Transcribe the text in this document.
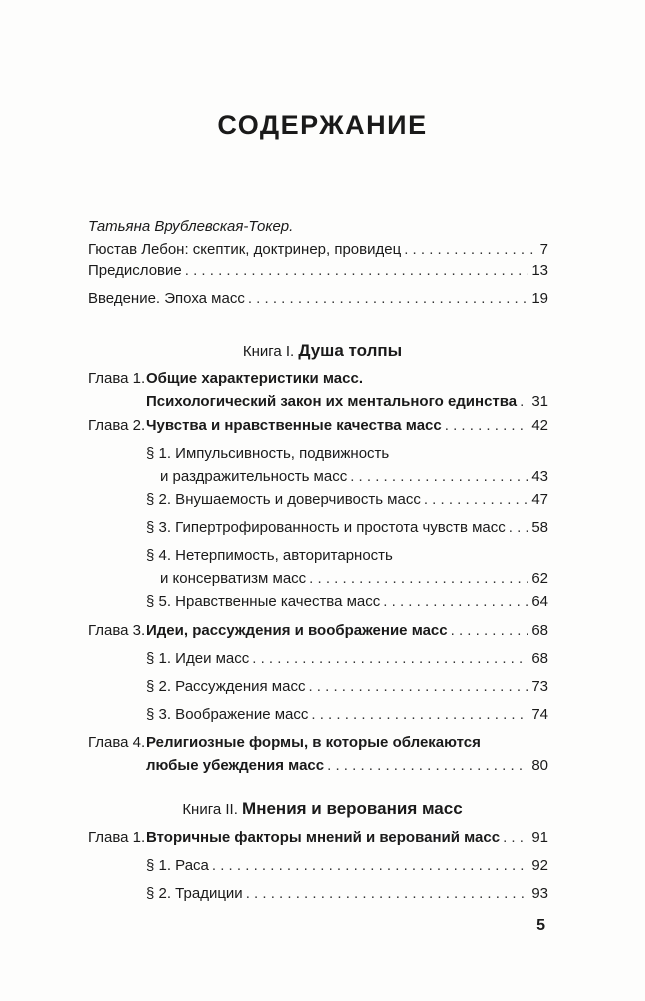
СОДЕРЖАНИЕ
Татьяна Врублевская-Токер.
Гюстав Лебон: скептик, доктринер, провидец . . .	7
Предисловие . . .	13
Введение. Эпоха масс . . .	19
Книга I. Душа толпы
Глава 1. Общие характеристики масс.
Психологический закон их ментального единства . . . 31
Глава 2. Чувства и нравственные качества масс . . .	42
§ 1. Импульсивность, подвижность
и раздражительность масс . . .	43
§ 2. Внушаемость и доверчивость масс . . .	47
§ 3. Гипертрофированность и простота чувств масс . . . 58
§ 4. Нетерпимость, авторитарность
и консерватизм масс . . .	62
§ 5. Нравственные качества масс . . .	64
Глава 3. Идеи, рассуждения и воображение масс . . .	68
§ 1. Идеи масс . . .	68
§ 2. Рассуждения масс . . .	73
§ 3. Воображение масс . . .	74
Глава 4. Религиозные формы, в которые облекаются
любые убеждения масс . . .	80
Книга II. Мнения и верования масс
Глава 1. Вторичные факторы мнений и верований масс . . . 91
§ 1. Раса . . .	92
§ 2. Традиции . . .	93
5
